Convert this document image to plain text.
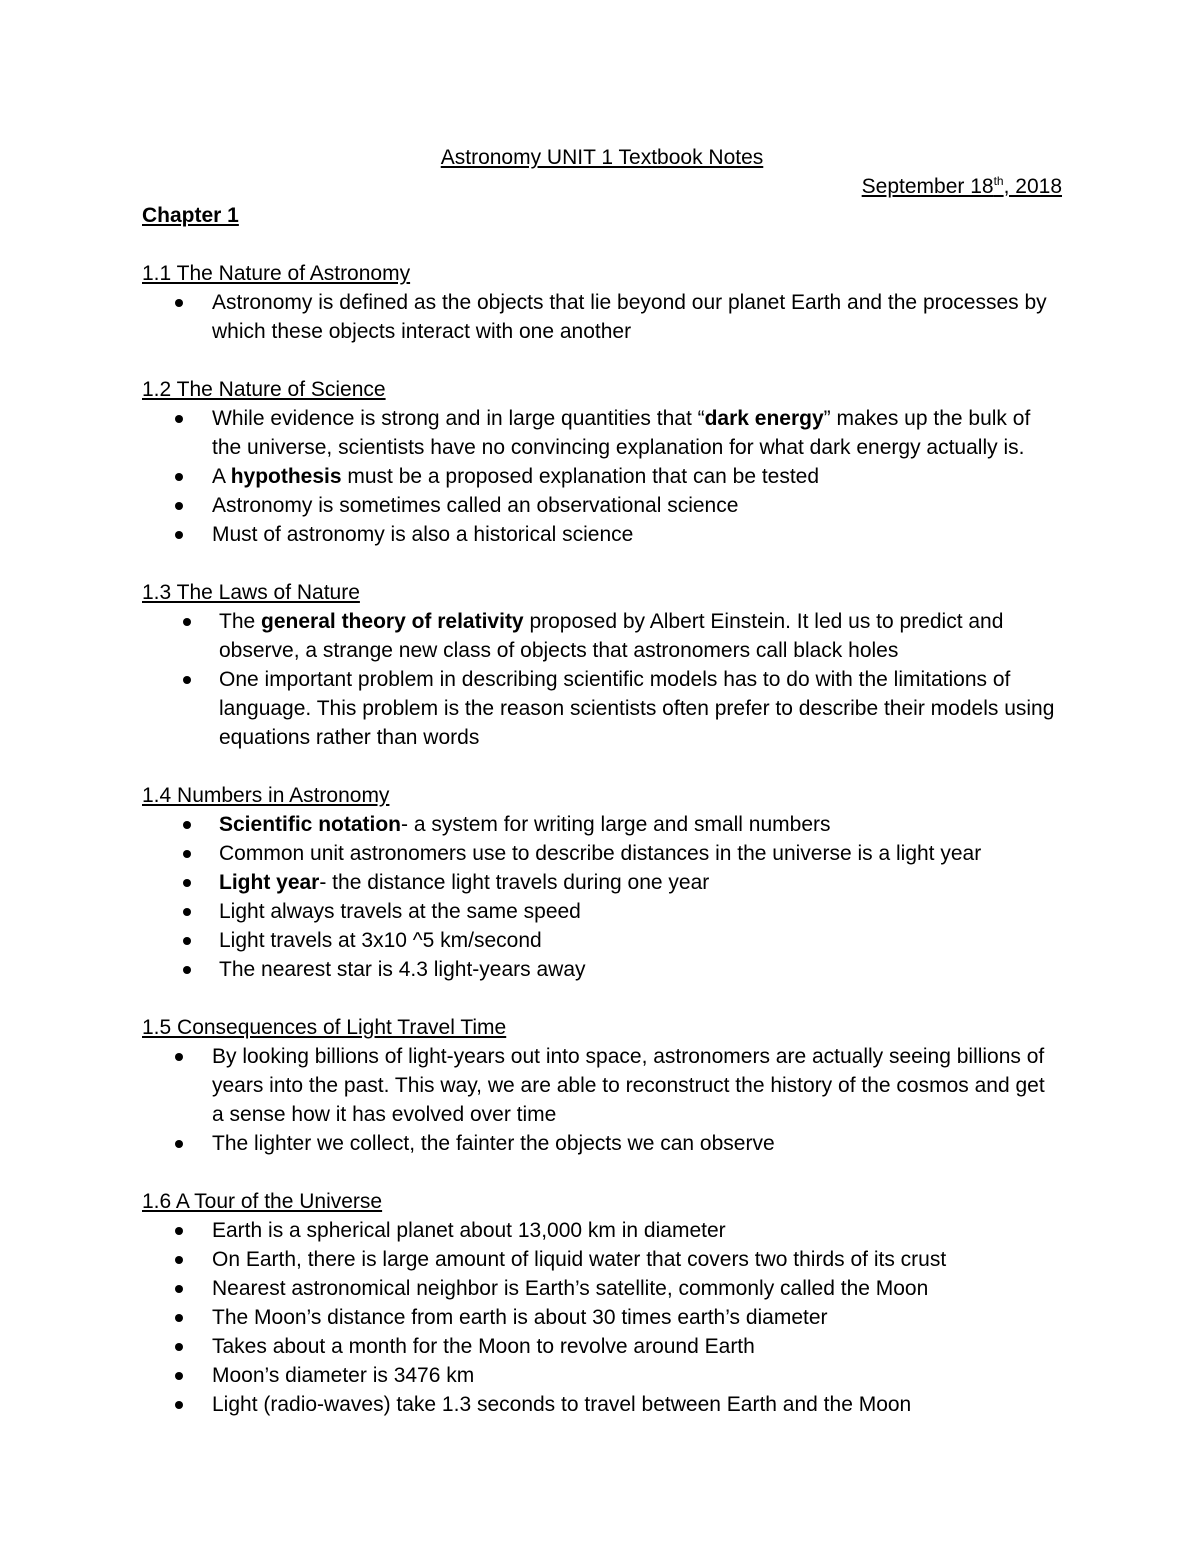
Astronomy UNIT 1 Textbook Notes
September 18th, 2018
Chapter 1
1.1 The Nature of Astronomy
Astronomy is defined as the objects that lie beyond our planet Earth and the processes by which these objects interact with one another
1.2 The Nature of Science
While evidence is strong and in large quantities that “dark energy” makes up the bulk of the universe, scientists have no convincing explanation for what dark energy actually is.
A hypothesis must be a proposed explanation that can be tested
Astronomy is sometimes called an observational science
Must of astronomy is also a historical science
1.3 The Laws of Nature
The general theory of relativity proposed by Albert Einstein. It led us to predict and observe, a strange new class of objects that astronomers call black holes
One important problem in describing scientific models has to do with the limitations of language. This problem is the reason scientists often prefer to describe their models using equations rather than words
1.4 Numbers in Astronomy
Scientific notation- a system for writing large and small numbers
Common unit astronomers use to describe distances in the universe is a light year
Light year- the distance light travels during one year
Light always travels at the same speed
Light travels at 3x10 ^5 km/second
The nearest star is 4.3 light-years away
1.5 Consequences of Light Travel Time
By looking billions of light-years out into space, astronomers are actually seeing billions of years into the past. This way, we are able to reconstruct the history of the cosmos and get a sense how it has evolved over time
The lighter we collect, the fainter the objects we can observe
1.6 A Tour of the Universe
Earth is a spherical planet about 13,000 km in diameter
On Earth, there is large amount of liquid water that covers two thirds of its crust
Nearest astronomical neighbor is Earth’s satellite, commonly called the Moon
The Moon’s distance from earth is about 30 times earth’s diameter
Takes about a month for the Moon to revolve around Earth
Moon’s diameter is 3476 km
Light (radio-waves) take 1.3 seconds to travel between Earth and the Moon
